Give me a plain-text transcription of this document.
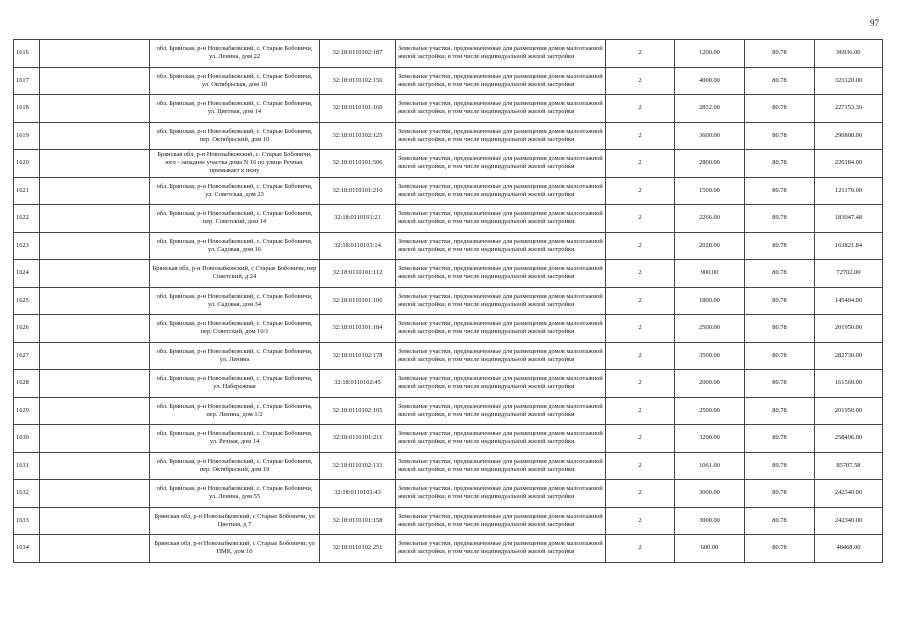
97
1616		обл. Брянская, р-н Новозыбковский, с. Старые Бобовичи, ул. Ленина, дом 22	32:18:0110102:187	Земельные участки, предназначенные для размещения домов малоэтажной жилой застройки, в том числе индивидуальной жилой застройки	2	1200.00	80.78	96936.00
1617		обл. Брянская, р-н Новозыбковский, с. Старые Бобовичи, ул. Октябрьская, дом 10	32:18:0110102:156	Земельные участки, предназначенные для размещения домов малоэтажной жилой застройки, в том числе индивидуальной жилой застройки	2	4000.00	80.78	323120.00
1618		обл. Брянская, р-н Новозыбковский, с. Старые Бобовичи, ул. Цветная, дом 14	32:18:0110101:160	Земельные участки, предназначенные для размещения домов малоэтажной жилой застройки, в том числе индивидуальной жилой застройки	2	2812.00	80.78	227153.36
1619		обл. Брянская, р-н Новозыбковский, с. Старые Бобовичи, пер. Октябрьский, дом 10	32:18:0110102:125	Земельные участки, предназначенные для размещения домов малоэтажной жилой застройки, в том числе индивидуальной жилой застройки	2	3600.00	80.78	290808.00
1620		Брянская обл, р-н Новозыбковский, с. Старые Бобовичи, юго - западнее участка дома N 16 по улице Речная, примыкает к нему	32:18:0110101:506	Земельные участки, предназначенные для размещения домов малоэтажной жилой застройки, в том числе индивидуальной жилой застройки	2	2800.00	80.78	226184.00
1621		обл. Брянская, р-н Новозыбковский, с. Старые Бобовичи, ул. Советская, дом 23	32:18:0110101:216	Земельные участки, предназначенные для размещения домов малоэтажной жилой застройки, в том числе индивидуальной жилой застройки	2	1500.00	80.78	121170.00
1622		обл. Брянская, р-н Новозыбковский, с. Старые Бобовичи, пер. Советский, дом 14	32:18:0110101:21	Земельные участки, предназначенные для размещения домов малоэтажной жилой застройки, в том числе индивидуальной жилой застройки	2	2266.00	80.78	183047.48
1623		обл. Брянская, р-н Новозыбковский, с. Старые Бобовичи, ул. Садовая, дом 16	32:18:0110101:14	Земельные участки, предназначенные для размещения домов малоэтажной жилой застройки, в том числе индивидуальной жилой застройки	2	2028.00	80.78	163821.84
1624		Брянская обл, р-н Новозыбковский, с Старые Бобовичи, пер Советский, д 24	32:18:0110101:112	Земельные участки, предназначенные для размещения домов малоэтажной жилой застройки, в том числе индивидуальной жилой застройки	2	900.00	80.78	72702.00
1625		обл. Брянская, р-н Новозыбковский, с. Старые Бобовичи, ул. Садовая, дом 34	32:18:0110101:106	Земельные участки, предназначенные для размещения домов малоэтажной жилой застройки, в том числе индивидуальной жилой застройки	2	1800.00	80.78	145404.00
1626		обл. Брянская, р-н Новозыбковский, с. Старые Бобовичи, пер. Советский, дом 10/1	32:18:0110101:184	Земельные участки, предназначенные для размещения домов малоэтажной жилой застройки, в том числе индивидуальной жилой застройки	2	2500.00	80.78	201950.00
1627		обл. Брянская, р-н Новозыбковский, с. Старые Бобовичи, ул. Ленина	32:18:0110102:178	Земельные участки, предназначенные для размещения домов малоэтажной жилой застройки, в том числе индивидуальной жилой застройки	2	3500.00	80.78	282730.00
1628		обл. Брянская, р-н Новозыбковский, с. Старые Бобовичи, ул. Набережная	32:18:0110102:45	Земельные участки, предназначенные для размещения домов малоэтажной жилой застройки, в том числе индивидуальной жилой застройки	2	2000.00	80.78	161560.00
1629		обл. Брянская, р-н Новозыбковский, с. Старые Бобовичи, пер. Ленина, дом 1/2	32:18:0110102:105	Земельные участки, предназначенные для размещения домов малоэтажной жилой застройки, в том числе индивидуальной жилой застройки	2	2500.00	80.78	201950.00
1630		обл. Брянская, р-н Новозыбковский, с. Старые Бобовичи, ул. Речная, дом 14	32:18:0110101:211	Земельные участки, предназначенные для размещения домов малоэтажной жилой застройки, в том числе индивидуальной жилой застройки	2	3200.00	80.78	258496.00
1631		обл. Брянская, р-н Новозыбковский, с. Старые Бобовичи, пер. Октябрьский, дом 19	32:18:0110102:133	Земельные участки, предназначенные для размещения домов малоэтажной жилой застройки, в том числе индивидуальной жилой застройки	2	1061.00	80.78	85707.58
1632		обл. Брянская, р-н Новозыбковский, с. Старые Бобовичи, ул. Ленина, дом 55	32:18:0110101:43	Земельные участки, предназначенные для размещения домов малоэтажной жилой застройки, в том числе индивидуальной жилой застройки	2	3000.00	80.78	242340.00
1633		Брянская обл, р-н Новозыбковский, с Старые Бобовичи, ул Цветная, д 7	32:18:0110101:158	Земельные участки, предназначенные для размещения домов малоэтажной жилой застройки, в том числе индивидуальной жилой застройки	2	3000.00	80.78	242340.00
1634		Брянская обл, р-н Новозыбковский, с Старые Бобовичи, ул ПМК, дом 10	32:18:0110102:251	Земельные участки, предназначенные для размещения домов малоэтажной жилой застройки, в том числе индивидуальной жилой застройки	2	600.00	80.78	48468.00
